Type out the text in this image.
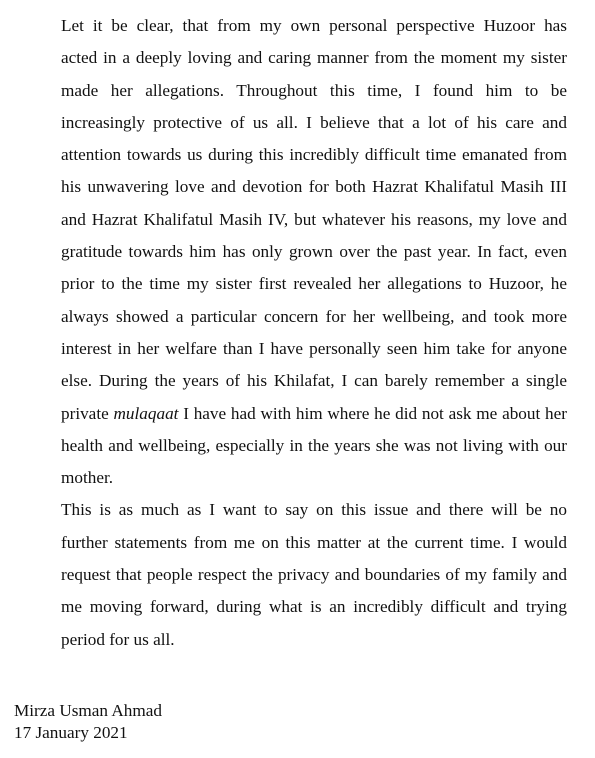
Let it be clear, that from my own personal perspective Huzoor has
acted in a deeply loving and caring manner from the moment my sister
made her allegations. Throughout this time, I found him to be
increasingly protective of us all. I believe that a lot of his care and
attention towards us during this incredibly difficult time emanated from
his unwavering love and devotion for both Hazrat Khalifatul Masih III
and Hazrat Khalifatul Masih IV, but whatever his reasons, my love and
gratitude towards him has only grown over the past year. In fact, even
prior to the time my sister first revealed her allegations to Huzoor, he
always showed a particular concern for her wellbeing, and took more
interest in her welfare than I have personally seen him take for anyone
else. During the years of his Khilafat, I can barely remember a single
private mulaqaat I have had with him where he did not ask me about her
health and wellbeing, especially in the years she was not living with our
mother.

This is as much as I want to say on this issue and there will be no
further statements from me on this matter at the current time. I would
request that people respect the privacy and boundaries of my family and
me moving forward, during what is an incredibly difficult and trying
period for us all.

Mirza Usman Ahmad
17 January 2021
